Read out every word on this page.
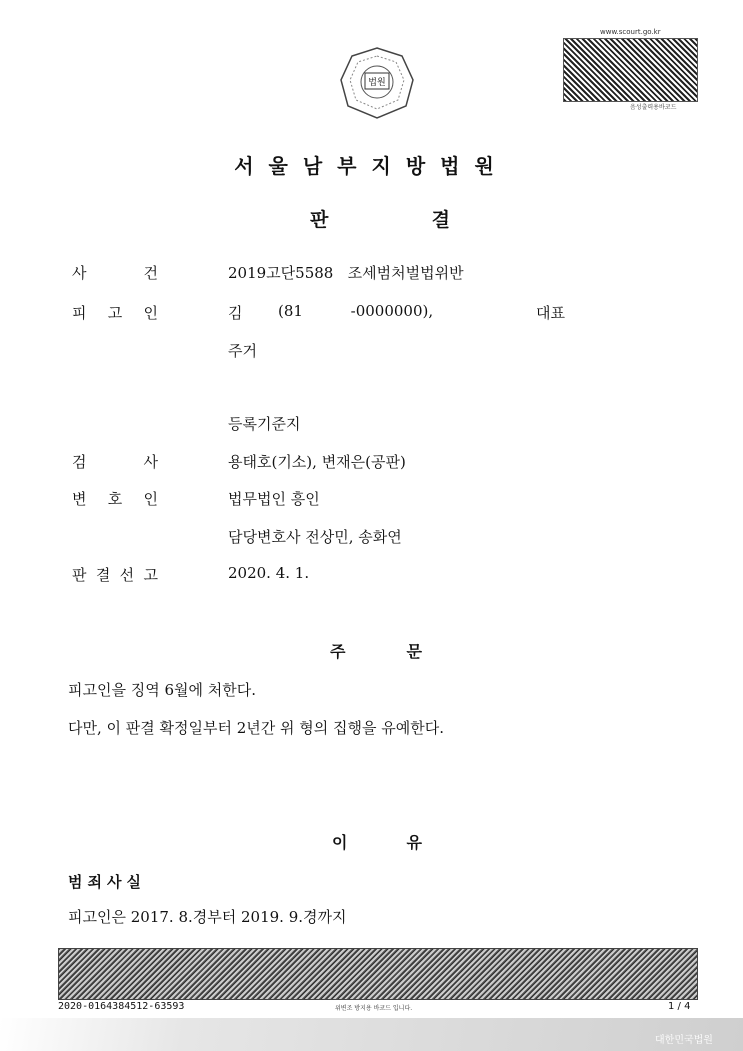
법원
www.scourt.go.kr
음성출력용바코드
서울남부지방법원
판	결
사	건	2019고단5588   조세범처벌법위반
피 고 인	김 (81          -0000000),	대표
주거
등록기준지
검	사	용태호(기소), 변재은(공판)
변 호 인	법무법인 흥인
담당변호사 전상민, 송화연
판 결 선 고	2020. 4. 1.
주	문
피고인을 징역 6월에 처한다.
다만, 이 판결 확정일부터 2년간 위 형의 집행을 유예한다.
이	유
범죄사실
피고인은 2017. 8.경부터 2019. 9.경까지
2020-0164384512-63593	위변조 방지용 바코드 입니다.	1 / 4
대한민국법원
